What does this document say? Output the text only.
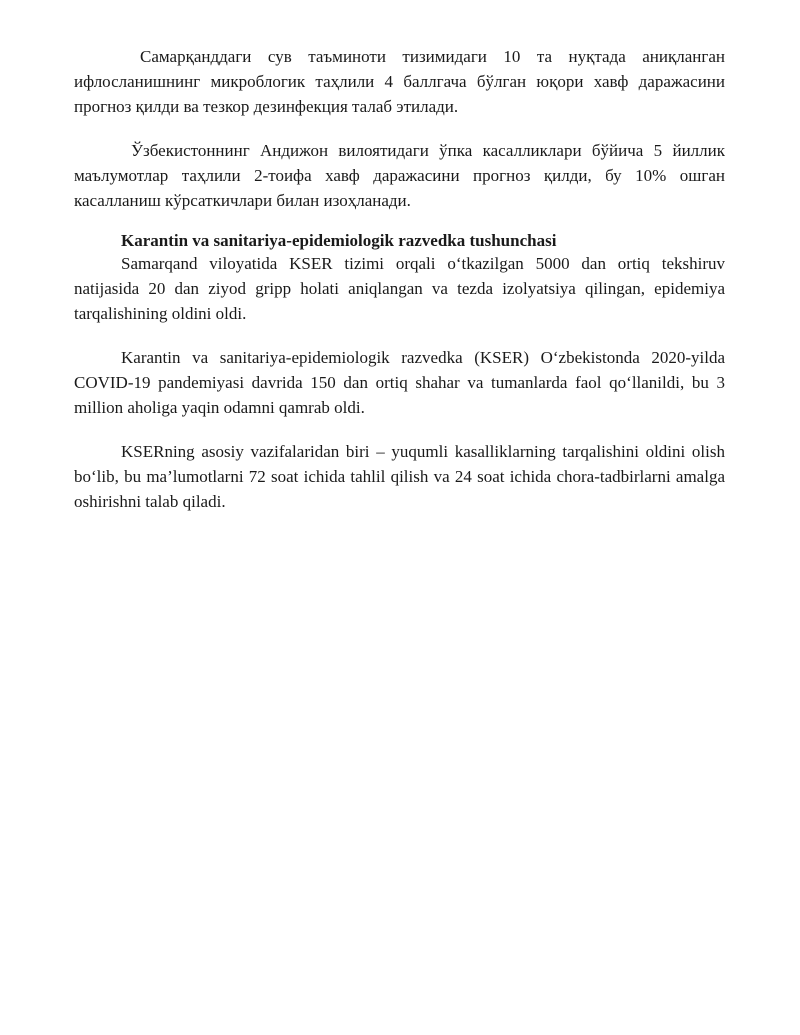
Самарқанддаги сув таъминоти тизимидаги 10 та нуқтада аниқланган ифлосланишнинг микроблогик таҳлили 4 баллгача бўлган юқори хавф даражасини прогноз қилди ва тезкор дезинфекция талаб этилади.

Ўзбекистоннинг Андижон вилоятидаги ўпка касалликлари бўйича 5 йиллик маълумотлар таҳлили 2-тоифа хавф даражасини прогноз қилди, бу 10% ошган касалланиш кўрсаткичлари билан изоҳланади.

Karantin va sanitariya-epidemiologik razvedka tushunchasi

Samarqand viloyatida KSER tizimi orqali oʻtkazilgan 5000 dan ortiq tekshiruv natijasida 20 dan ziyod gripp holati aniqlangan va tezda izolyatsiya qilingan, epidemiya tarqalishining oldini oldi.

Karantin va sanitariya-epidemiologik razvedka (KSER) Oʻzbekistonda 2020-yilda COVID-19 pandemiyasi davrida 150 dan ortiq shahar va tumanlarda faol qoʻllanildi, bu 3 million aholiga yaqin odamni qamrab oldi.

KSERning asosiy vazifalaridan biri – yuqumli kasalliklarning tarqalishini oldini olish bo‘lib, bu ma’lumotlarni 72 soat ichida tahlil qilish va 24 soat ichida chora-tadbirlarni amalga oshirishni talab qiladi.
